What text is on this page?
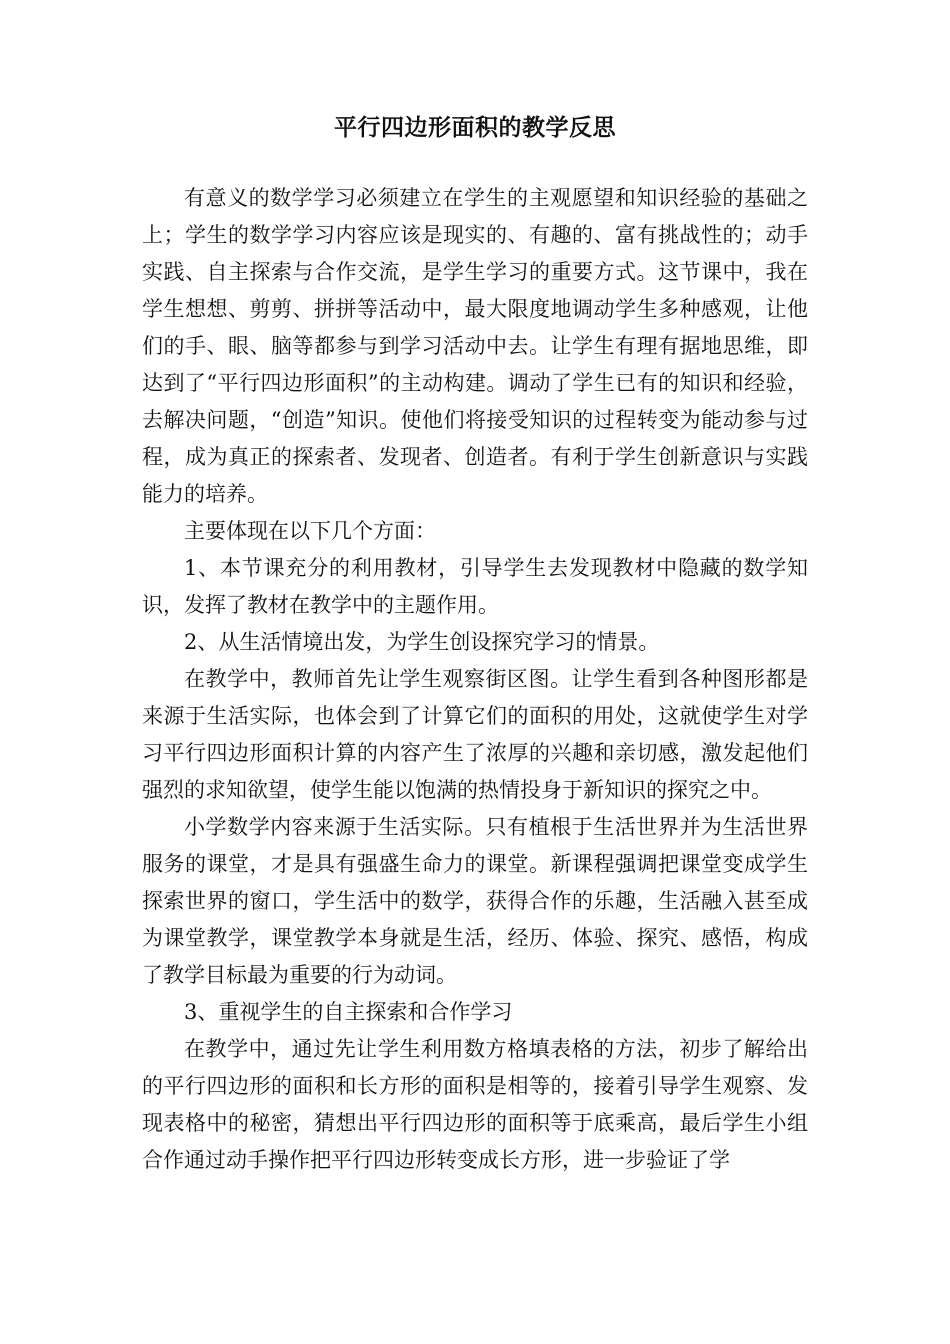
平行四边形面积的教学反思

有意义的数学学习必须建立在学生的主观愿望和知识经验的基础之上；学生的数学学习内容应该是现实的、有趣的、富有挑战性的；动手实践、自主探索与合作交流，是学生学习的重要方式。这节课中，我在学生想想、剪剪、拼拼等活动中，最大限度地调动学生多种感观，让他们的手、眼、脑等都参与到学习活动中去。让学生有理有据地思维，即达到了“平行四边形面积”的主动构建。调动了学生已有的知识和经验，去解决问题，“创造”知识。使他们将接受知识的过程转变为能动参与过程，成为真正的探索者、发现者、创造者。有利于学生创新意识与实践能力的培养。

主要体现在以下几个方面：

1、本节课充分的利用教材，引导学生去发现教材中隐藏的数学知识，发挥了教材在教学中的主题作用。

2、从生活情境出发，为学生创设探究学习的情景。

在教学中，教师首先让学生观察街区图。让学生看到各种图形都是来源于生活实际，也体会到了计算它们的面积的用处，这就使学生对学习平行四边形面积计算的内容产生了浓厚的兴趣和亲切感，激发起他们强烈的求知欲望，使学生能以饱满的热情投身于新知识的探究之中。

小学数学内容来源于生活实际。只有植根于生活世界并为生活世界服务的课堂，才是具有强盛生命力的课堂。新课程强调把课堂变成学生探索世界的窗口，学生活中的数学，获得合作的乐趣，生活融入甚至成为课堂教学，课堂教学本身就是生活，经历、体验、探究、感悟，构成了教学目标最为重要的行为动词。

3、重视学生的自主探索和合作学习

在教学中，通过先让学生利用数方格填表格的方法，初步了解给出的平行四边形的面积和长方形的面积是相等的，接着引导学生观察、发现表格中的秘密，猜想出平行四边形的面积等于底乘高，最后学生小组合作通过动手操作把平行四边形转变成长方形，进一步验证了学
